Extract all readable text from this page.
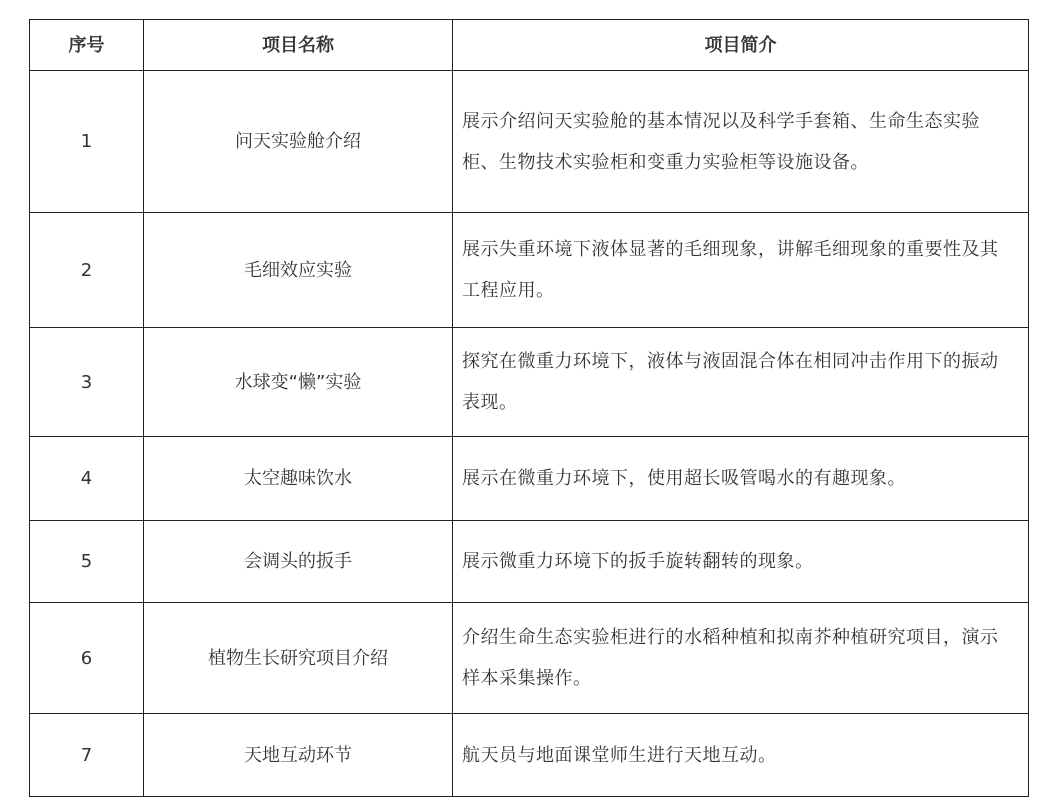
序号	项目名称	项目简介
1	问天实验舱介绍	展示介绍问天实验舱的基本情况以及科学手套箱、生命生态实验柜、生物技术实验柜和变重力实验柜等设施设备。
2	毛细效应实验	展示失重环境下液体显著的毛细现象，讲解毛细现象的重要性及其工程应用。
3	水球变“懒”实验	探究在微重力环境下，液体与液固混合体在相同冲击作用下的振动表现。
4	太空趣味饮水	展示在微重力环境下，使用超长吸管喝水的有趣现象。
5	会调头的扳手	展示微重力环境下的扳手旋转翻转的现象。
6	植物生长研究项目介绍	介绍生命生态实验柜进行的水稻种植和拟南芥种植研究项目，演示样本采集操作。
7	天地互动环节	航天员与地面课堂师生进行天地互动。
